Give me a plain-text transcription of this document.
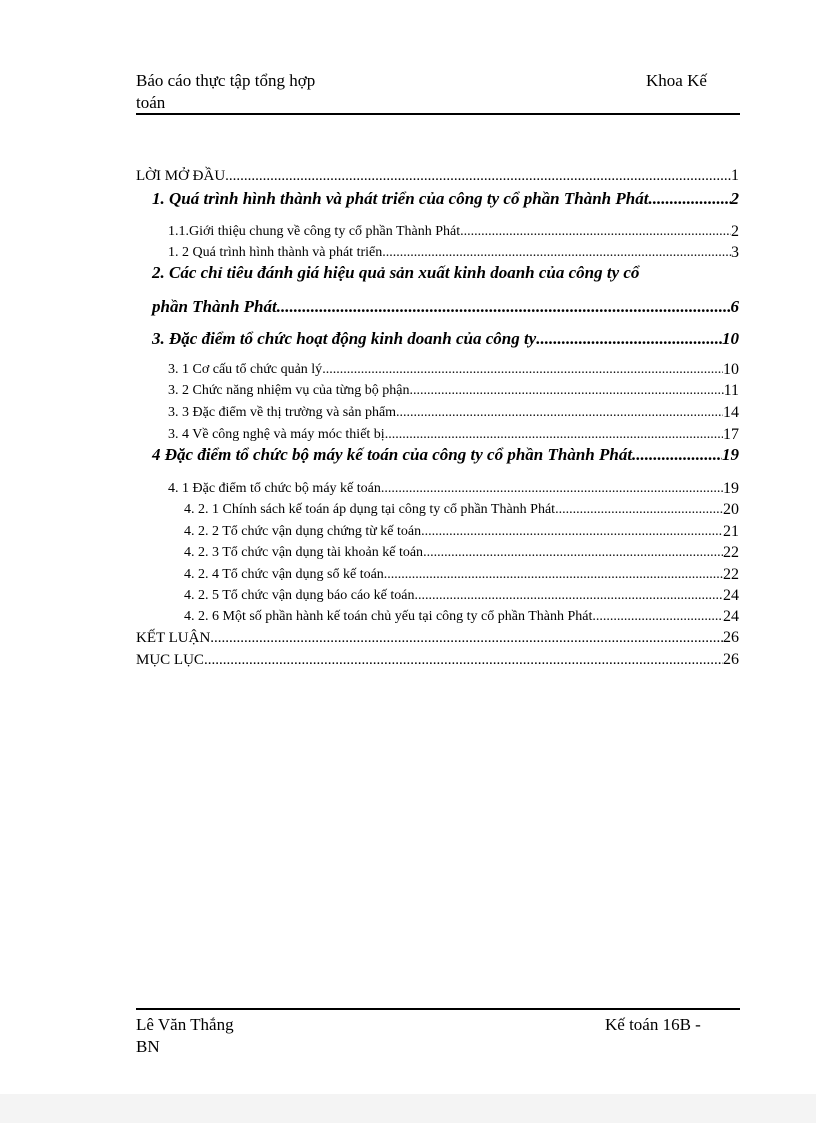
Báo cáo thực tập tổng hợp	Khoa Kế
toán
LỜI MỞ ĐẦU .....	1
1. Quá trình hình thành và phát triển của công ty cổ phần Thành Phát .....	2
1.1.Giới thiệu chung về công ty cổ phần Thành Phát .....	2
1. 2 Quá trình hình thành và phát triển .....	3
2. Các chỉ tiêu đánh giá hiệu quả sản xuất kinh doanh của công ty cổ
phần Thành Phát .....	6
3. Đặc điểm tổ chức hoạt động kinh doanh của công ty .....	10
3. 1 Cơ cấu tổ chức quản lý .....	10
3. 2 Chức năng nhiệm vụ của từng bộ phận .....	11
3. 3 Đặc điểm về thị trường và sản phẩm .....	14
3. 4 Về công nghệ và máy móc thiết bị .....	17
4 Đặc điểm tổ chức bộ máy kế toán của công ty cổ phần Thành Phát .....	19
4. 1 Đặc điểm tổ chức bộ máy kế toán .....	19
4. 2. 1 Chính sách kế toán áp dụng tại công ty cổ phần Thành Phát .....	20
4. 2. 2 Tổ chức vận dụng chứng từ kế toán .....	21
4. 2. 3 Tổ chức vận dụng tài khoản kế toán .....	22
4. 2. 4 Tổ chức vận dụng sổ kế toán .....	22
4. 2. 5 Tổ chức vận dụng báo cáo kế toán .....	24
4. 2. 6 Một số phần hành kế toán chủ yếu tại công ty cổ phần Thành Phát .....	24
KẾT LUẬN .....	26
MỤC LỤC .....	26
Lê Văn Thắng	Kế toán 16B -
BN
